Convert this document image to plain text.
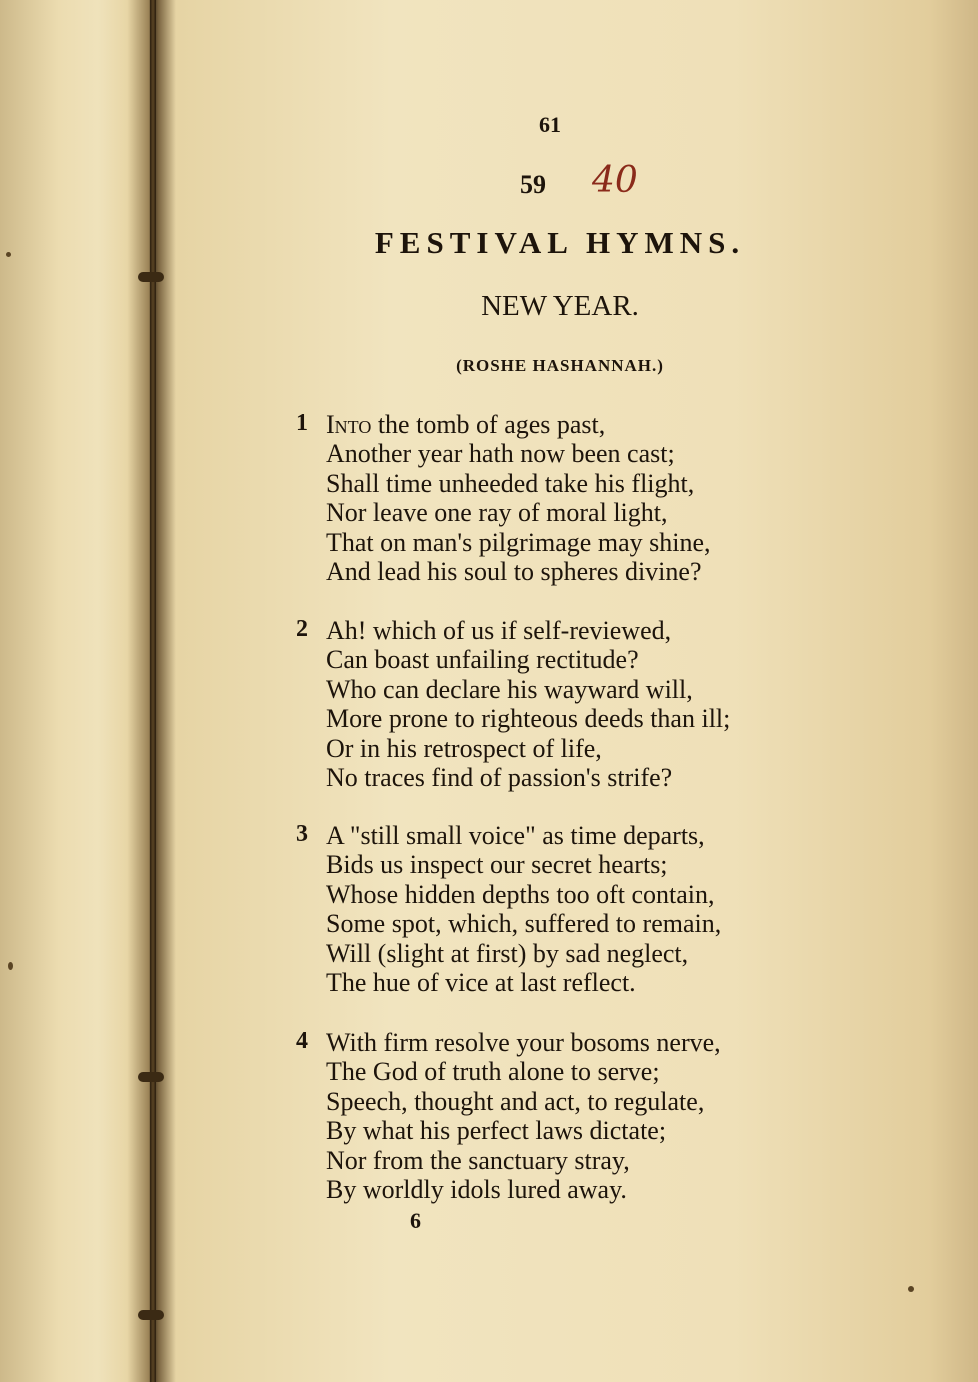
61
59 40
FESTIVAL HYMNS.
NEW YEAR.
(ROSHE HASHANNAH.)
1 Into the tomb of ages past,
Another year hath now been cast;
Shall time unheeded take his flight,
Nor leave one ray of moral light,
That on man's pilgrimage may shine,
And lead his soul to spheres divine?
2 Ah! which of us if self-reviewed,
Can boast unfailing rectitude?
Who can declare his wayward will,
More prone to righteous deeds than ill;
Or in his retrospect of life,
No traces find of passion's strife?
3 A "still small voice" as time departs,
Bids us inspect our secret hearts;
Whose hidden depths too oft contain,
Some spot, which, suffered to remain,
Will (slight at first) by sad neglect,
The hue of vice at last reflect.
4 With firm resolve your bosoms nerve,
The God of truth alone to serve;
Speech, thought and act, to regulate,
By what his perfect laws dictate;
Nor from the sanctuary stray,
By worldly idols lured away.
6
